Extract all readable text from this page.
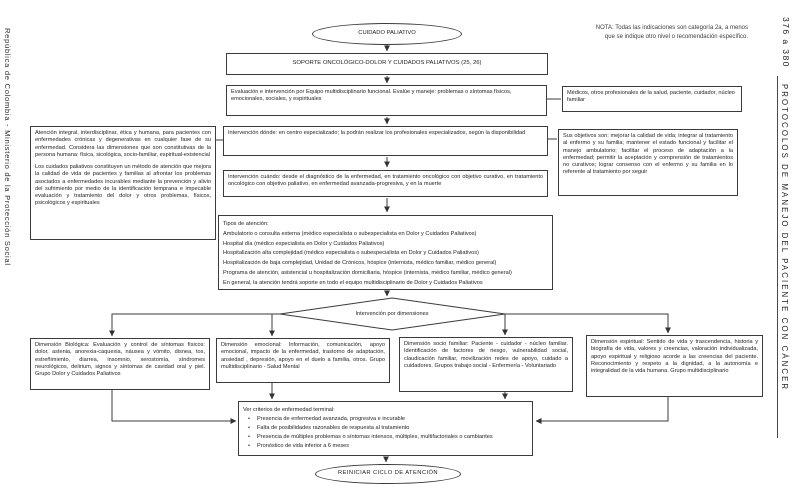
República de Colombia - Ministerio de la Protección Social	376 a 380
PROTOCOLOS DE MANEJO DEL PACIENTE CON CÁNCER
NOTA: Todas las indicaciones son categoría 2a, a menos
que se indique otro nivel o recomendación específico.
CUIDADO PALIATIVO
SOPORTE ONCOLÓGICO-DOLOR Y CUIDADOS PALIATIVOS (25, 26)
Evaluación e intervención por Equipo multidisciplinario funcional. Evalúe y maneje: problemas o síntomas físicos, emocionales, sociales, y espirituales
Médicos, otros profesionales de la salud, paciente, cuidador, núcleo familiar
Atención integral, interdisciplinar, ética y humana, para pacientes con enfermedades crónicas y degenerativas en cualquier fase de su enfermedad. Considera las dimensiones que son constitutivas de la persona humana: física, sicológica, socio-familiar, espiritual-existencial
Los cuidados paliativos constituyen un método de atención que mejora la calidad de vida de pacientes y familias al afrontar los problemas asociados a enfermedades incurables mediante la prevención y alivio del sufrimiento por medio de la identificación temprana e impecable evaluación y tratamiento del dolor y otros problemas, físicos, psicológicos y espirituales
Intervención dónde: en centro especializado; la podrán realizar los profesionales especializados, según la disponibilidad	Sus objetivos son: mejorar la calidad de vida; integrar al tratamiento al enfermo y su familia; mantener el estado funcional y facilitar el manejo ambulatorio; facilitar el proceso de adaptación a la enfermedad; permitir la aceptación y comprensión de tratamientos no curativos; lograr consenso con el enfermo y su familia en lo referente al tratamiento por seguir
Intervención cuándo: desde el diagnóstico de la enfermedad, en tratamiento oncológico con objetivo curativo, en tratamiento oncológico con objetivo paliativo, en enfermedad avanzada-progresiva, y en la muerte
Tipos de atención:
Ambulatorio o consulta externa (médico especialista o subespecialista en Dolor y Cuidados Paliativos)
Hospital día (médico especialista en Dolor y Cuidados Paliativos)
Hospitalización alta complejidad (médico especialista o subespecialista en Dolor y Cuidados Paliativos)
Hospitalización de baja complejidad, Unidad de Crónicos, hóspice (internista, médico familiar, médico general)
Programa de atención, asistencial u hospitalización domiciliaria, hóspice (internista, médico familiar, médico general)
En general, la atención tendrá soporte en todo el equipo multidisciplinario de Dolor y Cuidados Paliativos
Intervención por dimensiones
Dimensión Biológica: Evaluación y control de síntomas físicos: dolor, astenia, anorexia-caquexia, náusea y vómito, disnea, tos, estreñimiento, diarrea, insomnio, xerostomía, síndromes neurológicos, delirium, signos y síntomas de cavidad oral y piel. Grupo Dolor y Cuidados Paliativos
Dimensión emocional: Información, comunicación, apoyo emocional, impacto de la enfermedad, trastorno de adaptación, ansiedad , depresión, apoyo en el duelo a familia, otros. Grupo multidisciplinario - Salud Mental
Dimensión socio familiar: Paciente - cuidador - núcleo familiar. Identificación de factores de riesgo, vulnerabilidad social, claudicación familiar, movilización redes de apoyo, cuidado a cuidadores. Grupos trabajo social - Enfermería - Voluntariado
Dimensión espiritual: Sentido de vida y trascendencia, historia y biografía de vida, valores y creencias, valoración individualizada, apoyo espiritual y religioso acorde a las creencias del paciente. Reconocimiento y respeto a la dignidad, a la autonomía e integralidad de la vida humana. Grupo multidisciplinario
Ver criterios de enfermedad terminal:
• Presencia de enfermedad avanzada, progresiva e incurable
• Falta de posibilidades razonables de respuesta al tratamiento
• Presencia de múltiples problemas o síntomas intensos, múltiples, multifactoriales o cambiantes
• Pronóstico de vida inferior a 6 meses
REINICIAR CICLO DE ATENCIÓN
